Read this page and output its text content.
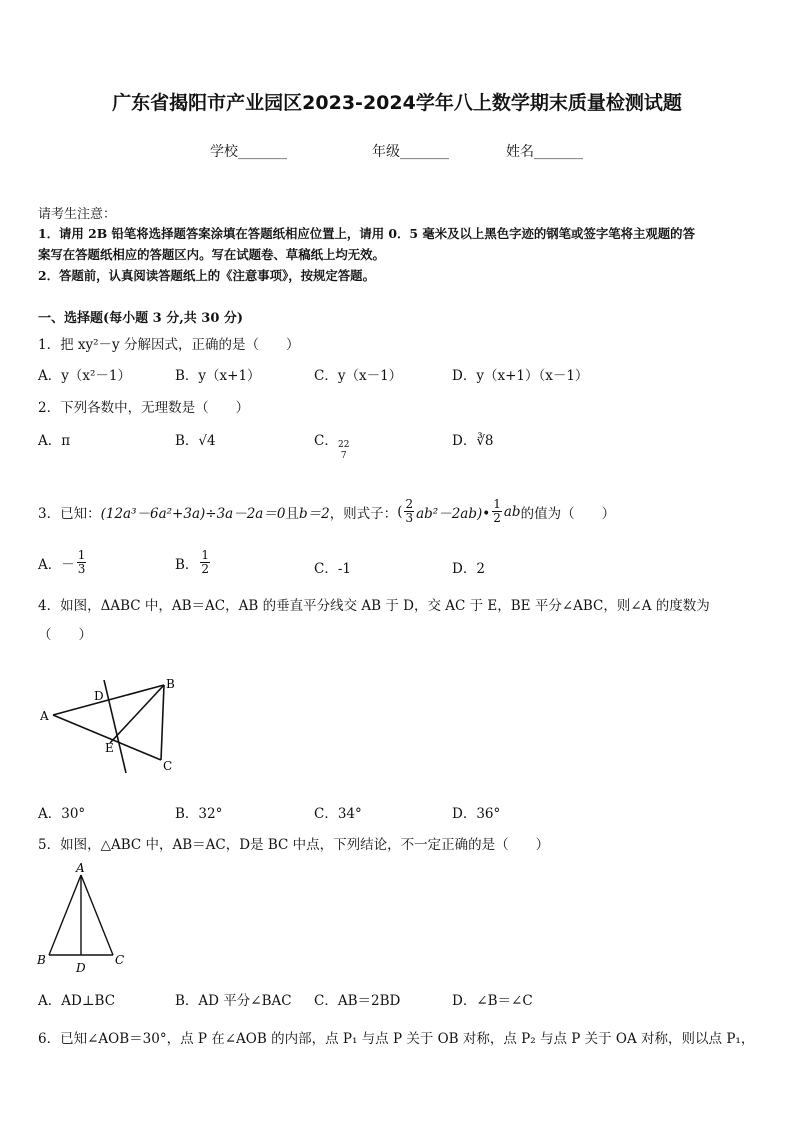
广东省揭阳市产业园区2023-2024学年八上数学期末质量检测试题
学校_______	年级_______	姓名_______
请考生注意：
1．请用 2B 铅笔将选择题答案涂填在答题纸相应位置上，请用 0．5 毫米及以上黑色字迹的钢笔或签字笔将主观题的答
案写在答题纸相应的答题区内。写在试题卷、草稿纸上均无效。
2．答题前，认真阅读答题纸上的《注意事项》，按规定答题。
一、选择题(每小题 3 分,共 30 分)
1．把 xy²－y 分解因式，正确的是（　　）
A．y（x²－1）	B．y（x+1）	C．y（x－1）	D．y（x+1）（x－1）
2．下列各数中，无理数是（　　）
A．π	B．√4	C． 22
7
D．∛8
3．已知： (12a³－6a²+3a)÷3a－2a＝0 且 b＝2 ，则式子： ( $\frac{2}{3}$ ab²－2ab)• $\frac{1}{2}$ ab 的值为（　　）
A．－ $\frac{1}{3}$	B． $\frac{1}{2}$	C．-1	D．2
4．如图，ΔABC 中，AB＝AC，AB 的垂直平分线交 AB 于 D，交 AC 于 E，BE 平分∠ABC，则∠A 的度数为
（　　）
A
B
C
D
E
A．30°	B．32°	C．34°	D．36°
5．如图，△ABC 中，AB＝AC，D是 BC 中点，下列结论，不一定正确的是（　　）
A
B	C
D
A．AD⊥BC	B．AD 平分∠BAC C．AB＝2BD	D．∠B＝∠C
6．已知∠AOB＝30°，点 P 在∠AOB 的内部，点 P₁ 与点 P 关于 OB 对称，点 P₂ 与点 P 关于 OA 对称，则以点 P₁，
